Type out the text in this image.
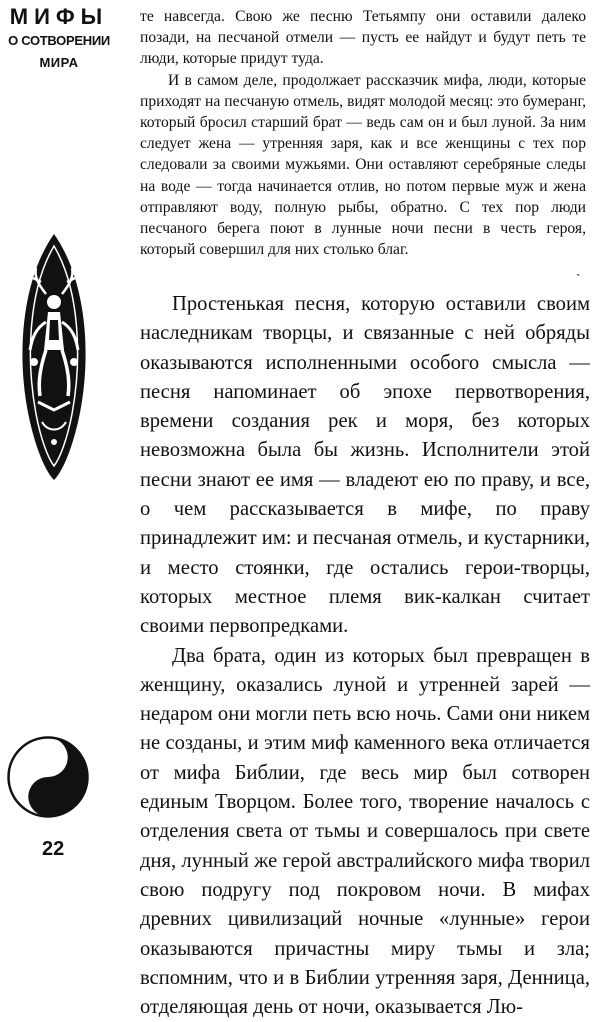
МИФЫ
О СОТВОРЕНИИ
МИРА
22

те навсегда. Свою же песню Тетьямпу они оставили далеко позади, на песчаной отмели — пусть ее найдут и будут петь те люди, которые придут туда.

И в самом деле, продолжает рассказчик мифа, люди, которые приходят на песчаную отмель, видят молодой месяц: это бумеранг, который бросил старший брат — ведь сам он и был луной. За ним следует жена — утренняя заря, как и все женщины с тех пор следовали за своими мужьями. Они оставляют серебряные следы на воде — тогда начинается отлив, но потом первые муж и жена отправляют воду, полную рыбы, обратно. С тех пор люди песчаного берега поют в лунные ночи песни в честь героя, который совершил для них столько благ.

ˎ

Простенькая песня, которую оставили своим наследникам творцы, и связанные с ней обряды оказываются исполненными особого смысла — песня напоминает об эпохе первотворения, времени создания рек и моря, без которых невозможна была бы жизнь. Исполнители этой песни знают ее имя — владеют ею по праву, и все, о чем рассказывается в мифе, по праву принадлежит им: и песчаная отмель, и кустарники, и место стоянки, где остались герои-творцы, которых местное племя вик-калкан считает своими первопредками.

Два брата, один из которых был превращен в женщину, оказались луной и утренней зарей — недаром они могли петь всю ночь. Сами они никем не созданы, и этим миф каменного века отличается от мифа Библии, где весь мир был сотворен единым Творцом. Более того, творение началось с отделения света от тьмы и совершалось при свете дня, лунный же герой австралийского мифа творил свою подругу под покровом ночи. В мифах древних цивилизаций ночные «лунные» герои оказываются причастны миру тьмы и зла; вспомним, что и в Библии утренняя заря, Денница, отделяющая день от ночи, оказывается Лю-
